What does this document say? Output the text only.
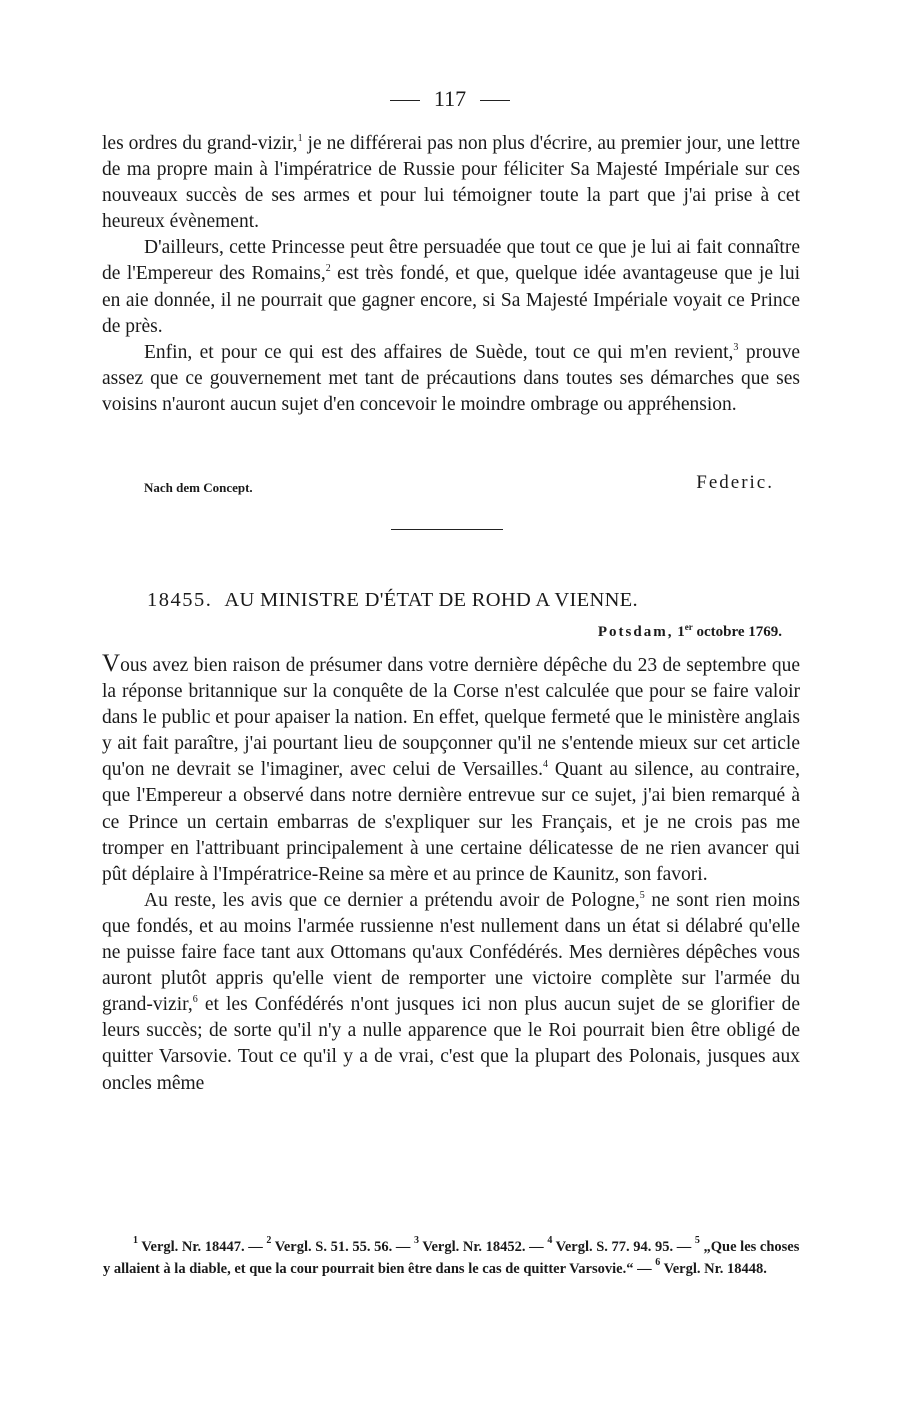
117

les ordres du grand-vizir,$^1$ je ne différerai pas non plus d'écrire, au premier jour, une lettre de ma propre main à l'impératrice de Russie pour féliciter Sa Majesté Impériale sur ces nouveaux succès de ses armes et pour lui témoigner toute la part que j'ai prise à cet heureux évènement.

D'ailleurs, cette Princesse peut être persuadée que tout ce que je lui ai fait connaître de l'Empereur des Romains,$^2$ est très fondé, et que, quelque idée avantageuse que je lui en aie donnée, il ne pourrait que gagner encore, si Sa Majesté Impériale voyait ce Prince de près.

Enfin, et pour ce qui est des affaires de Suède, tout ce qui m'en revient,$^3$ prouve assez que ce gouvernement met tant de précautions dans toutes ses démarches que ses voisins n'auront aucun sujet d'en concevoir le moindre ombrage ou appréhension.

Nach dem Concept.	Federic.
18455. AU MINISTRE D'ÉTAT DE ROHD A VIENNE.
Potsdam, 1er octobre 1769.

Vous avez bien raison de présumer dans votre dernière dépêche du 23 de septembre que la réponse britannique sur la conquête de la Corse n'est calculée que pour se faire valoir dans le public et pour apaiser la nation. En effet, quelque fermeté que le ministère anglais y ait fait paraître, j'ai pourtant lieu de soupçonner qu'il ne s'entende mieux sur cet article qu'on ne devrait se l'imaginer, avec celui de Versailles.$^4$ Quant au silence, au contraire, que l'Empereur a observé dans notre dernière entrevue sur ce sujet, j'ai bien remarqué à ce Prince un certain embarras de s'expliquer sur les Français, et je ne crois pas me tromper en l'attribuant principalement à une certaine délicatesse de ne rien avancer qui pût déplaire à l'Impératrice-Reine sa mère et au prince de Kaunitz, son favori.

Au reste, les avis que ce dernier a prétendu avoir de Pologne,$^5$ ne sont rien moins que fondés, et au moins l'armée russienne n'est nullement dans un état si délabré qu'elle ne puisse faire face tant aux Ottomans qu'aux Confédérés. Mes dernières dépêches vous auront plutôt appris qu'elle vient de remporter une victoire complète sur l'armée du grand-vizir,$^6$ et les Confédérés n'ont jusques ici non plus aucun sujet de se glorifier de leurs succès; de sorte qu'il n'y a nulle apparence que le Roi pourrait bien être obligé de quitter Varsovie. Tout ce qu'il y a de vrai, c'est que la plupart des Polonais, jusques aux oncles même

$^1$ Vergl. Nr. 18447. — $^2$ Vergl. S. 51. 55. 56. — $^3$ Vergl. Nr. 18452. — $^4$ Vergl. S. 77. 94. 95. — $^5$ „Que les choses y allaient à la diable, et que la cour pourrait bien être dans le cas de quitter Varsovie.“ — $^6$ Vergl. Nr. 18448.
